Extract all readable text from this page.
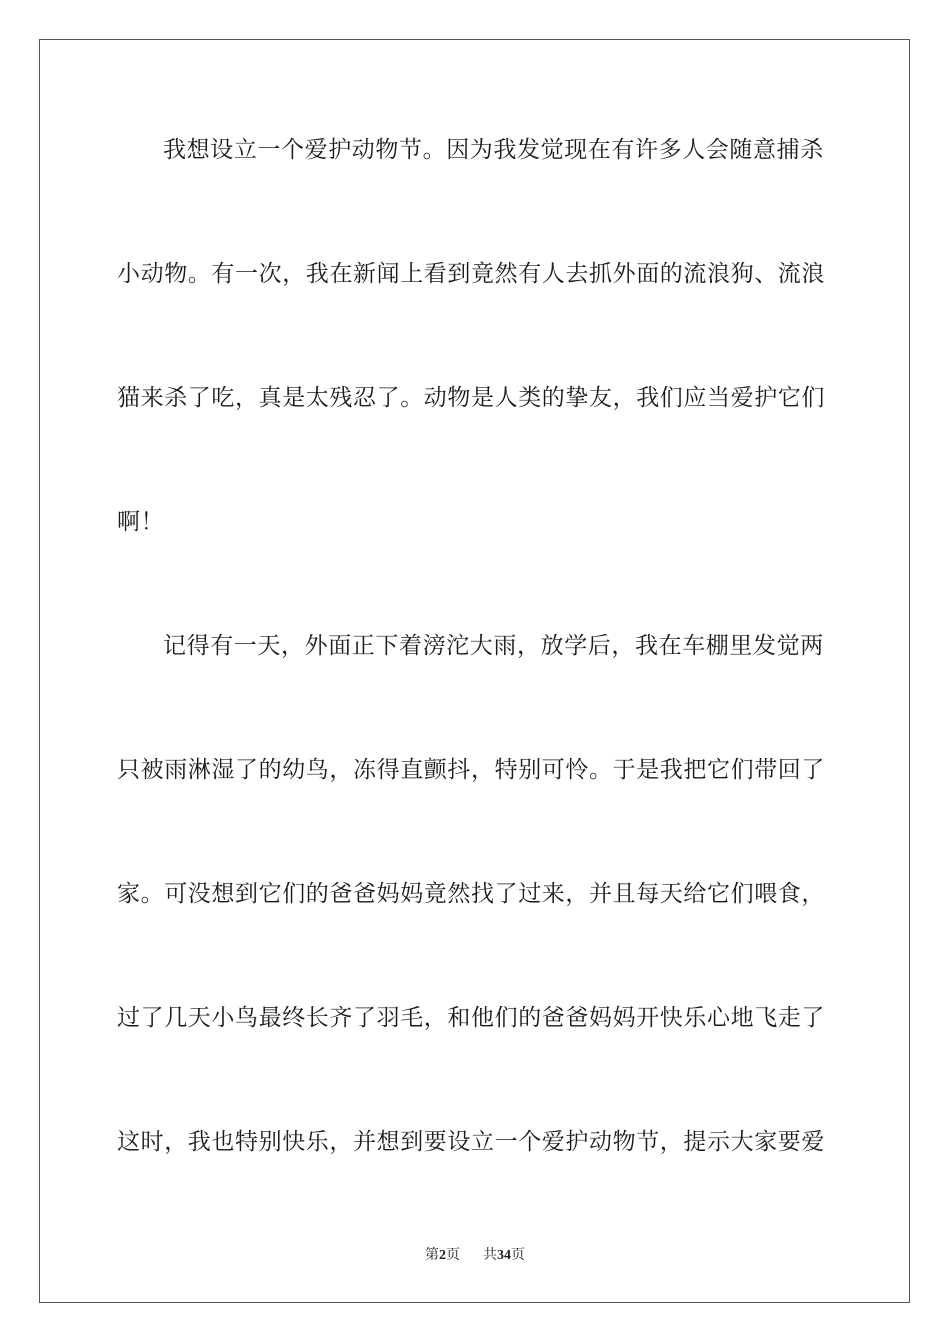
我想设立一个爱护动物节。因为我发觉现在有许多人会随意捕杀
小动物。有一次，我在新闻上看到竟然有人去抓外面的流浪狗、流浪
猫来杀了吃，真是太残忍了。动物是人类的挚友，我们应当爱护它们
啊！
记得有一天，外面正下着滂沱大雨，放学后，我在车棚里发觉两
只被雨淋湿了的幼鸟，冻得直颤抖，特别可怜。于是我把它们带回了
家。可没想到它们的爸爸妈妈竟然找了过来，并且每天给它们喂食，
过了几天小鸟最终长齐了羽毛，和他们的爸爸妈妈开快乐心地飞走了
这时，我也特别快乐，并想到要设立一个爱护动物节，提示大家要爱
第2页 共34页
